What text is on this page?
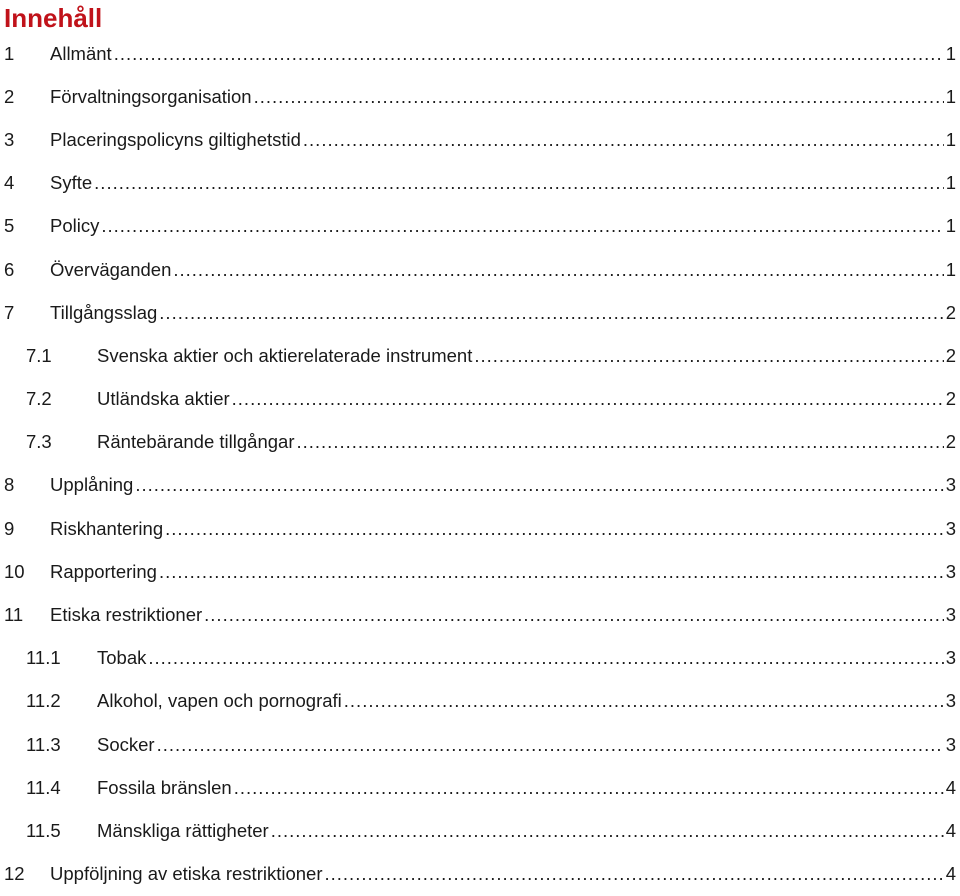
Innehåll
1 Allmänt .....	1
2 Förvaltningsorganisation .....	1
3 Placeringspolicyns giltighetstid .....	1
4 Syfte .....	1
5 Policy .....	1
6 Överväganden .....	1
7 Tillgångsslag .....	2
7.1 Svenska aktier och aktierelaterade instrument .....	2
7.2 Utländska aktier .....	2
7.3 Räntebärande tillgångar .....	2
8 Upplåning .....	3
9 Riskhantering .....	3
10 Rapportering .....	3
11 Etiska restriktioner .....	3
11.1 Tobak .....	3
11.2 Alkohol, vapen och pornografi .....	3
11.3 Socker .....	3
11.4 Fossila bränslen .....	4
11.5 Mänskliga rättigheter .....	4
12 Uppföljning av etiska restriktioner .....	4
